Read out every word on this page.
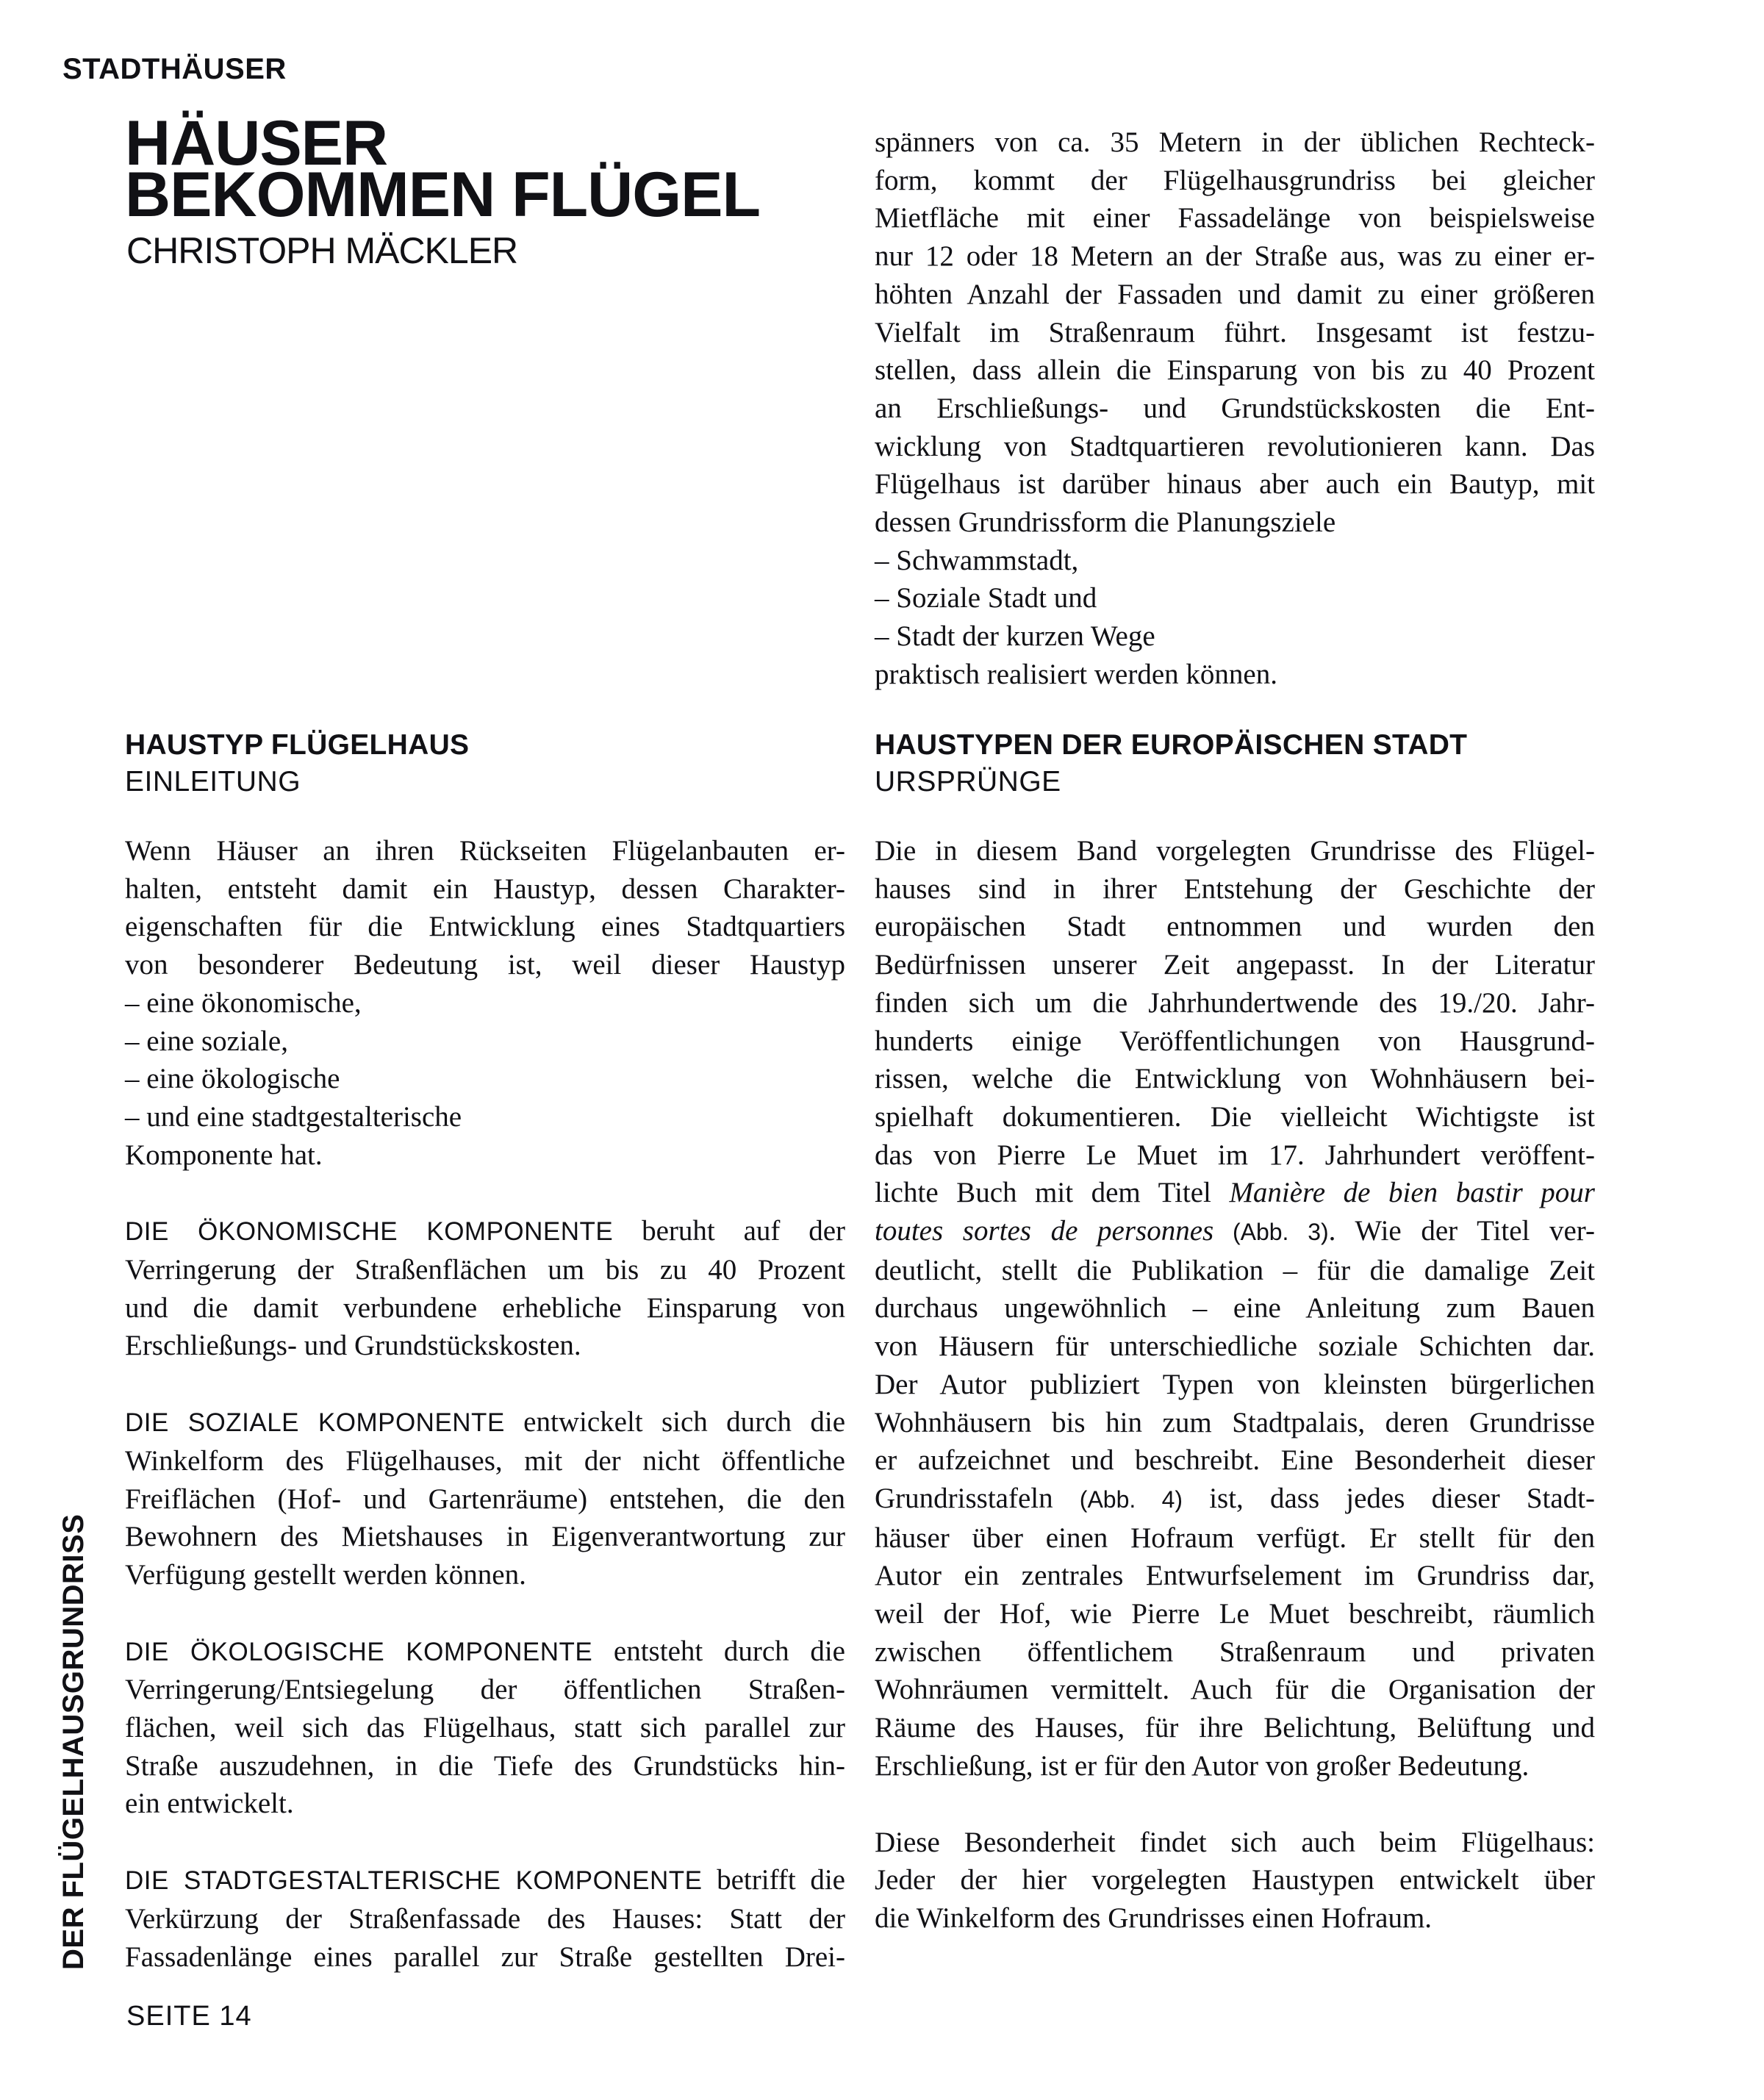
STADTHÄUSER
HÄUSER
BEKOMMEN FLÜGEL
CHRISTOPH MÄCKLER

spänners von ca. 35 Metern in der üblichen Rechteck-
form, kommt der Flügelhausgrundriss bei gleicher
Mietfläche mit einer Fassadelänge von beispielsweise
nur 12 oder 18 Metern an der Straße aus, was zu einer er-
höhten Anzahl der Fassaden und damit zu einer größeren
Vielfalt im Straßenraum führt. Insgesamt ist festzu-
stellen, dass allein die Einsparung von bis zu 40 Prozent
an Erschließungs- und Grundstückskosten die Ent-
wicklung von Stadtquartieren revolutionieren kann. Das
Flügelhaus ist darüber hinaus aber auch ein Bautyp, mit
dessen Grundrissform die Planungsziele
– Schwammstadt,
– Soziale Stadt und
– Stadt der kurzen Wege
praktisch realisiert werden können.

HAUSTYP FLÜGELHAUS
EINLEITUNG

Wenn Häuser an ihren Rückseiten Flügelanbauten er-
halten, entsteht damit ein Haustyp, dessen Charakter-
eigenschaften für die Entwicklung eines Stadtquartiers
von besonderer Bedeutung ist, weil dieser Haustyp
– eine ökonomische,
– eine soziale,
– eine ökologische
– und eine stadtgestalterische
Komponente hat.

DIE ÖKONOMISCHE KOMPONENTE beruht auf der
Verringerung der Straßenflächen um bis zu 40 Prozent
und die damit verbundene erhebliche Einsparung von
Erschließungs- und Grundstückskosten.

DIE SOZIALE KOMPONENTE entwickelt sich durch die
Winkelform des Flügelhauses, mit der nicht öffentliche
Freiflächen (Hof- und Gartenräume) entstehen, die den
Bewohnern des Mietshauses in Eigenverantwortung zur
Verfügung gestellt werden können.

DIE ÖKOLOGISCHE KOMPONENTE entsteht durch die
Verringerung/Entsiegelung der öffentlichen Straßen-
flächen, weil sich das Flügelhaus, statt sich parallel zur
Straße auszudehnen, in die Tiefe des Grundstücks hin-
ein entwickelt.

DIE STADTGESTALTERISCHE KOMPONENTE betrifft die
Verkürzung der Straßenfassade des Hauses: Statt der
Fassadenlänge eines parallel zur Straße gestellten Drei-

HAUSTYPEN DER EUROPÄISCHEN STADT
URSPRÜNGE

Die in diesem Band vorgelegten Grundrisse des Flügel-
hauses sind in ihrer Entstehung der Geschichte der
europäischen Stadt entnommen und wurden den
Bedürfnissen unserer Zeit angepasst. In der Literatur
finden sich um die Jahrhundertwende des 19./20. Jahr-
hunderts einige Veröffentlichungen von Hausgrund-
rissen, welche die Entwicklung von Wohnhäusern bei-
spielhaft dokumentieren. Die vielleicht Wichtigste ist
das von Pierre Le Muet im 17. Jahrhundert veröffent-
lichte Buch mit dem Titel Manière de bien bastir pour
toutes sortes de personnes (Abb. 3). Wie der Titel ver-
deutlicht, stellt die Publikation – für die damalige Zeit
durchaus ungewöhnlich – eine Anleitung zum Bauen
von Häusern für unterschiedliche soziale Schichten dar.
Der Autor publiziert Typen von kleinsten bürgerlichen
Wohnhäusern bis hin zum Stadtpalais, deren Grundrisse
er aufzeichnet und beschreibt. Eine Besonderheit dieser
Grundrisstafeln (Abb. 4) ist, dass jedes dieser Stadt-
häuser über einen Hofraum verfügt. Er stellt für den
Autor ein zentrales Entwurfselement im Grundriss dar,
weil der Hof, wie Pierre Le Muet beschreibt, räumlich
zwischen öffentlichem Straßenraum und privaten
Wohnräumen vermittelt. Auch für die Organisation der
Räume des Hauses, für ihre Belichtung, Belüftung und
Erschließung, ist er für den Autor von großer Bedeutung.

Diese Besonderheit findet sich auch beim Flügelhaus:
Jeder der hier vorgelegten Haustypen entwickelt über
die Winkelform des Grundrisses einen Hofraum.

DER FLÜGELHAUSGRUNDRISS
SEITE 14
